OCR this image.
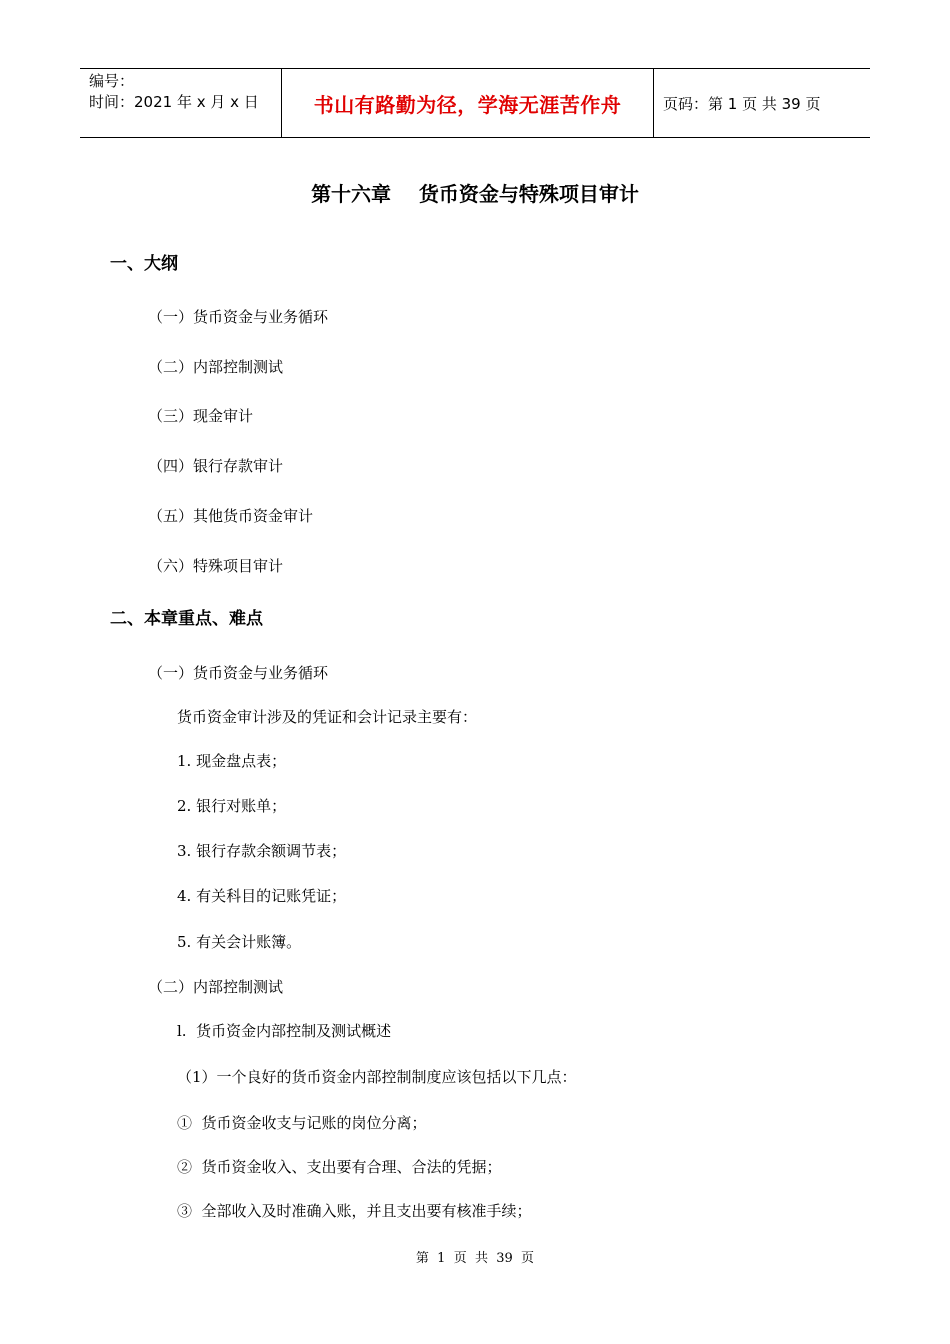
编号：
时间：2021 年 x 月 x 日	书山有路勤为径，学海无涯苦作舟	页码：第 1 页 共 39 页
第十六章    货币资金与特殊项目审计
一、大纲
（一）货币资金与业务循环
（二）内部控制测试
（三）现金审计
（四）银行存款审计
（五）其他货币资金审计
（六）特殊项目审计
二、本章重点、难点
（一）货币资金与业务循环
货币资金审计涉及的凭证和会计记录主要有：
1. 现金盘点表；
2. 银行对账单；
3. 银行存款余额调节表；
4. 有关科目的记账凭证；
5. 有关会计账簿。
（二）内部控制测试
l.  货币资金内部控制及测试概述
（1）一个良好的货币资金内部控制制度应该包括以下几点：
①  货币资金收支与记账的岗位分离；
②  货币资金收入、支出要有合理、合法的凭据；
③  全部收入及时准确入账，并且支出要有核准手续；
第  1  页  共  39  页
